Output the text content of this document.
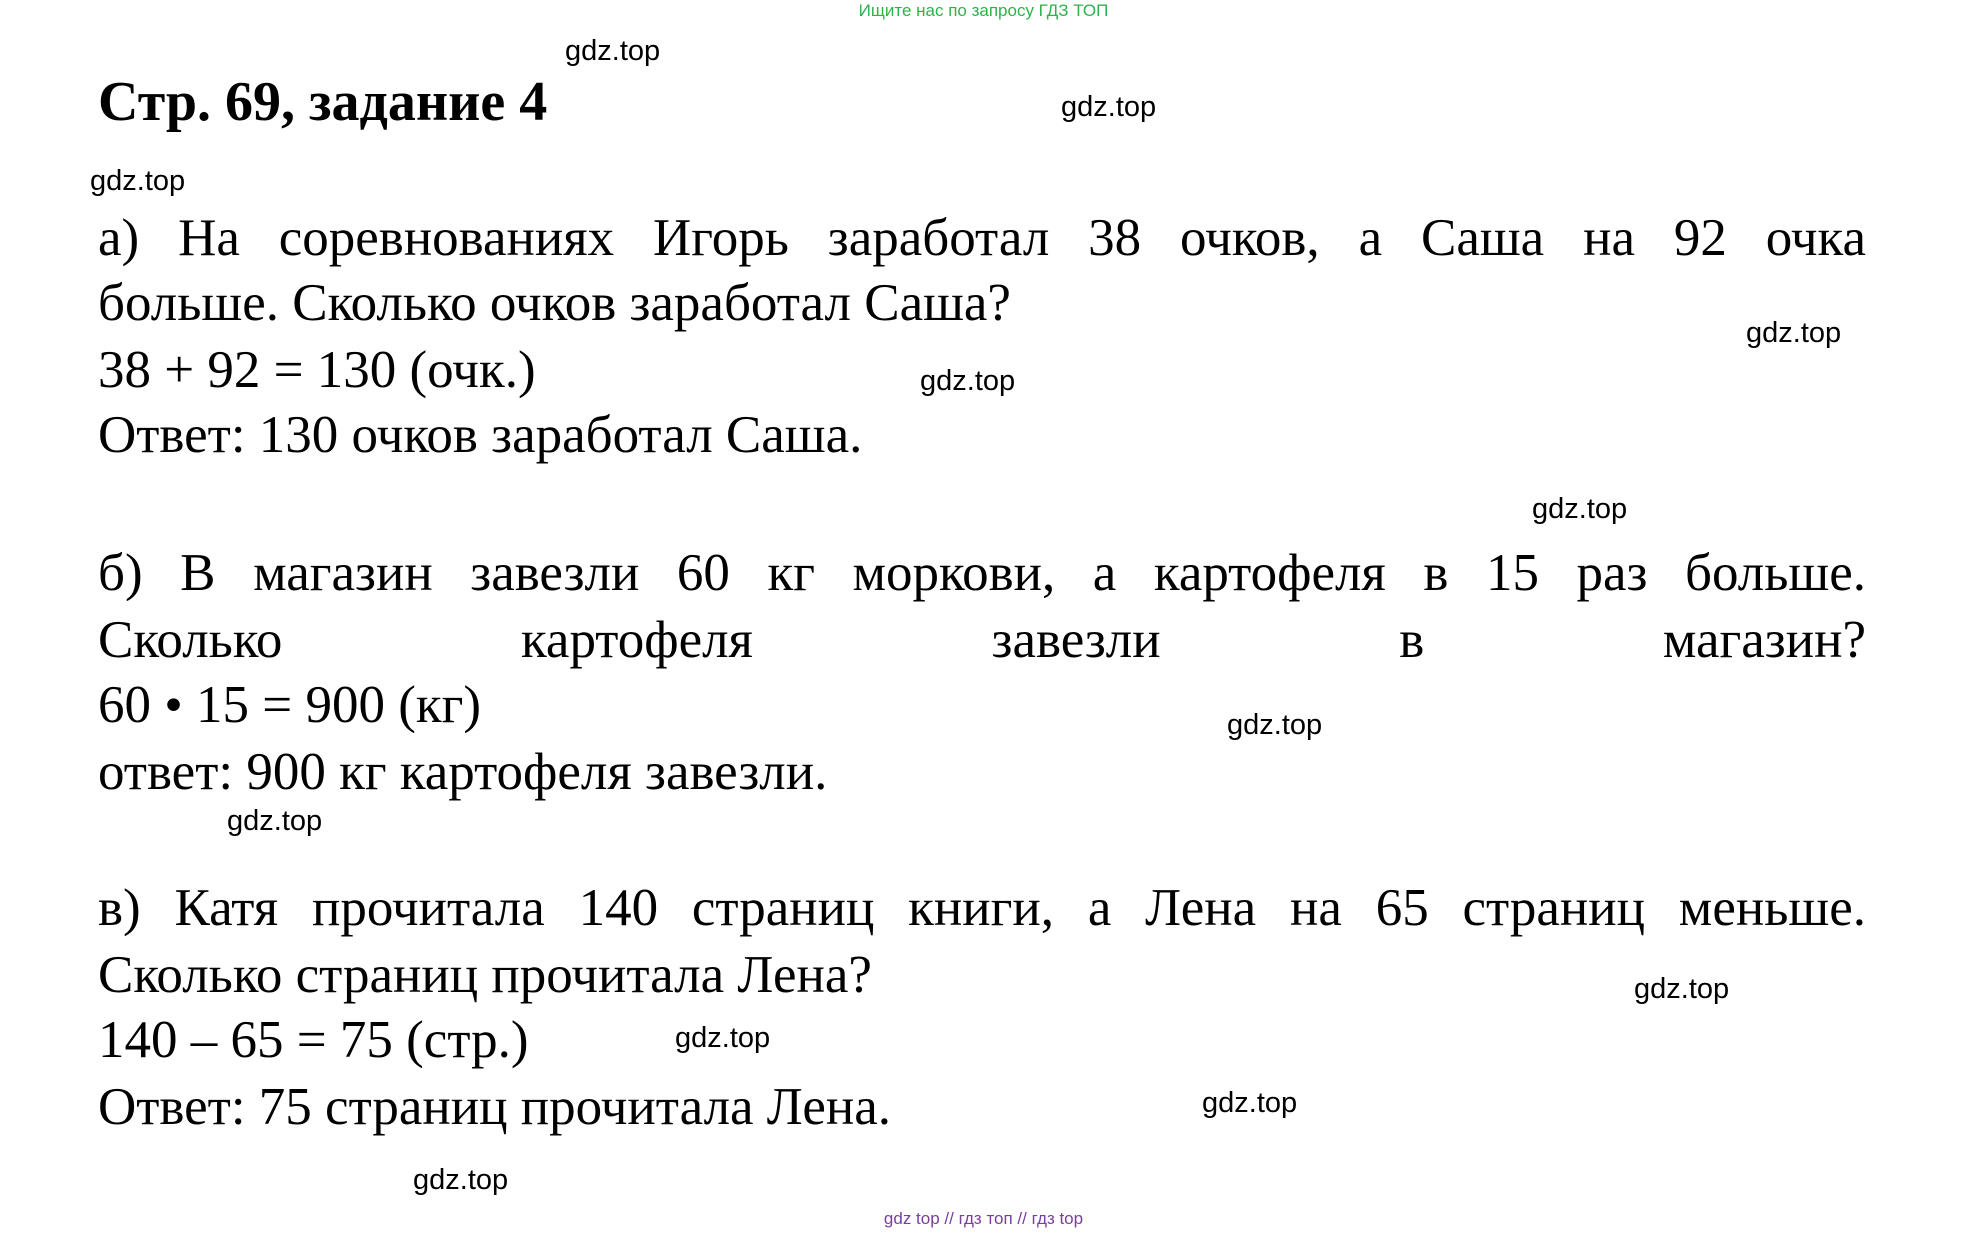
Ищите нас по запросу ГДЗ ТОП
Стр. 69, задание 4
а) На соревнованиях Игорь заработал 38 очков, а Саша на 92 очка
больше. Сколько очков заработал Саша?
38 + 92 = 130 (очк.)
Ответ: 130 очков заработал Саша.
б) В магазин завезли 60 кг моркови, а картофеля в 15 раз больше.
Сколько картофеля завезли в магазин?
60 • 15 = 900 (кг)
ответ: 900 кг картофеля завезли.
в) Катя прочитала 140 страниц книги, а Лена на 65 страниц меньше.
Сколько страниц прочитала Лена?
140 – 65 = 75 (стр.)
Ответ: 75 страниц прочитала Лена.
gdz.top
gdz.top
gdz.top
gdz.top
gdz.top
gdz.top
gdz.top
gdz.top
gdz.top
gdz.top
gdz.top
gdz.top
gdz top // гдз топ // гдз top
